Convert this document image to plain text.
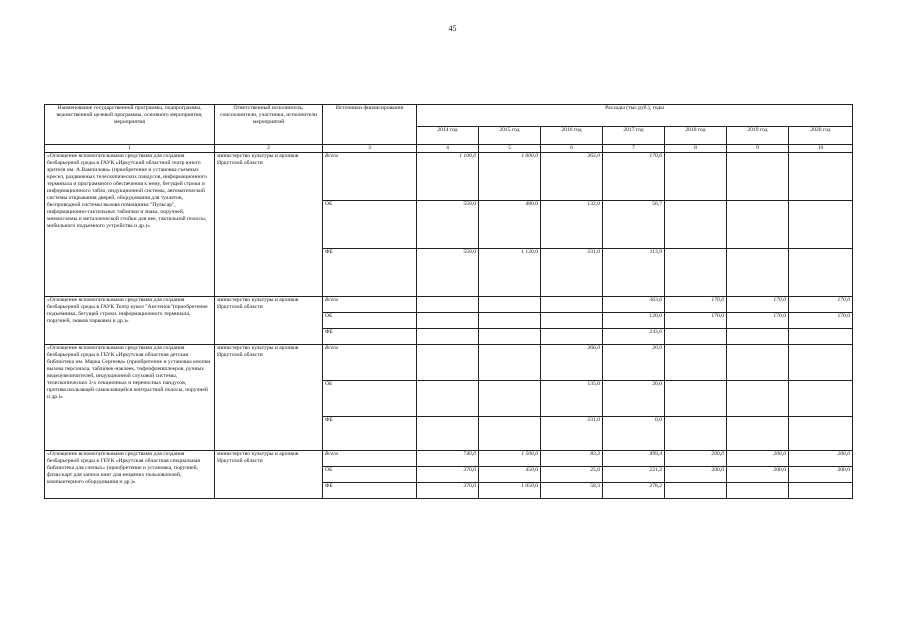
45
Наименование государственной программы, подпрограммы, ведомственной целевой программы, основного мероприятия, мероприятия	Ответственный исполнитель, соисполнители, участники, исполнители мероприятий	Источники финансирования	Расходы (тыс.руб.), годы						
			2014 год	2015 год	2016 год	2017 год	2018 год	2019 год	2020 год
1	2	3	4	5	6	7	8	9	10
«Оснащение вспомогательными средствами для создания безбарьерной среды в ГАУК «Иркутский областной театр юного зрителя им. А.Вампилова» (приобретение и установка съемных кресел, раздвижных телескопических пандусов, информационного терминала и программного обеспечения к нему, бегущей строки и информационного табло, индукционной системы, автоматической системы открывания дверей, оборудования для туалетов, беспроводной системы вызова помощника "Пульсар", информационно-тактильных таблички и знака, поручней, мнемосхемы и металлической стойки для нее, тактильной полосы, мобильного подъемного устройства и др.)»	министерство культуры и архивов Иркутской области	Всего	1 100,0	1 600,0	363,0	170,6			
		ОБ	550,0	480,0	132,0	56,7			
		ФБ	550,0	1 120,0	231,0	113,9			
«Оснащение вспомогательными средствами для создания безбарьерной среды в ГАУК Театр кукол "Аистенок"(приобретение подъемника, бегущей строки, информационного терминала, поручней, знаков парковки и др.)»	министерство культуры и архивов Иркутской области	Всего				363,6	170,0	170,0	170,0
		ОБ				120,0	170,0	170,0	170,0
		ФБ				243,6			
«Оснащение вспомогательными средствами для создания безбарьерной среды в ГБУК «Иркутская областная детская библиотека им. Марка Сергеева» (приобретение и установка кнопки вызова персонала, табличек-наклеек, тифлофлешплееров, ручных видеоувеличителей, индукционной слуховой системы, телескопических 2-х секционных и переносных пандусов, противоскользящей самоклеящейся контрастной полосы, поручней и др.)»	министерство культуры и архивов Иркутской области	Всего			366,0	20,0			
		ОБ			135,0	20,0			
		ФБ			231,0	0,0			
«Оснащение вспомогательными средствами для создания безбарьерной среды в ГБУК «Иркутская областная специальная библиотека для слепых» (приобретение и установка, поручней, флэш-карт для записи книг для незрячих пользователей, компьютерного оборудования и др.)»	министерство культуры и архивов Иркутской области	Всего	740,0	1 500,0	83,3	499,4	200,0	200,0	200,0
		ОБ	370,0	450,0	25,0	221,2	200,0	200,0	200,0
		ФБ	370,0	1 050,0	58,3	278,2			
